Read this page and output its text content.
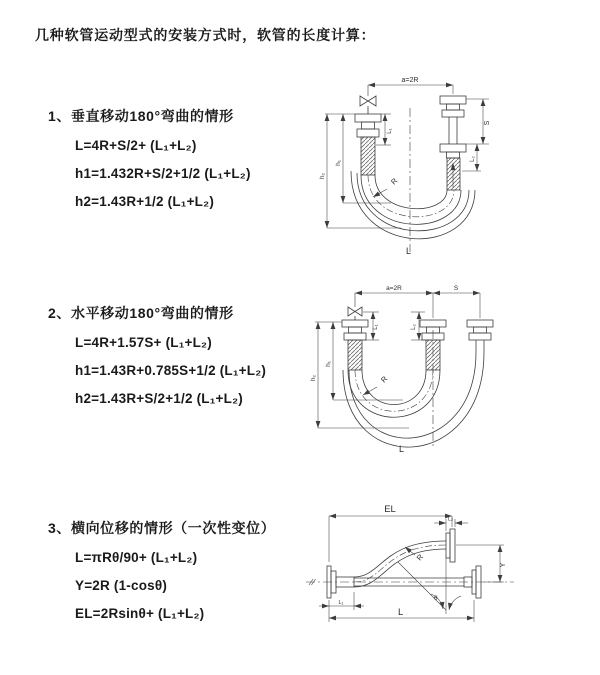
几种软管运动型式的安装方式时，软管的长度计算：

1、垂直移动180°弯曲的情形

L=4R+S/2+ (L₁+L₂)

h1=1.432R+S/2+1/2 (L₁+L₂)

h2=1.43R+1/2 (L₁+L₂)

2、水平移动180°弯曲的情形

L=4R+1.57S+ (L₁+L₂)

h1=1.43R+0.785S+1/2 (L₁+L₂)

h2=1.43R+S/2+1/2 (L₁+L₂)

3、横向位移的情形（一次性变位）

L=πRθ/90+ (L₁+L₂)

Y=2R (1-cosθ)

EL=2Rsinθ+ (L₁+L₂)

a=2R
h₁
h₂
L₁
S
L₂
R
L
a=2R	S
L₁	L₂
h₁
h₂	R
L
EL
L₂
Y
L
L₁
R
θ
